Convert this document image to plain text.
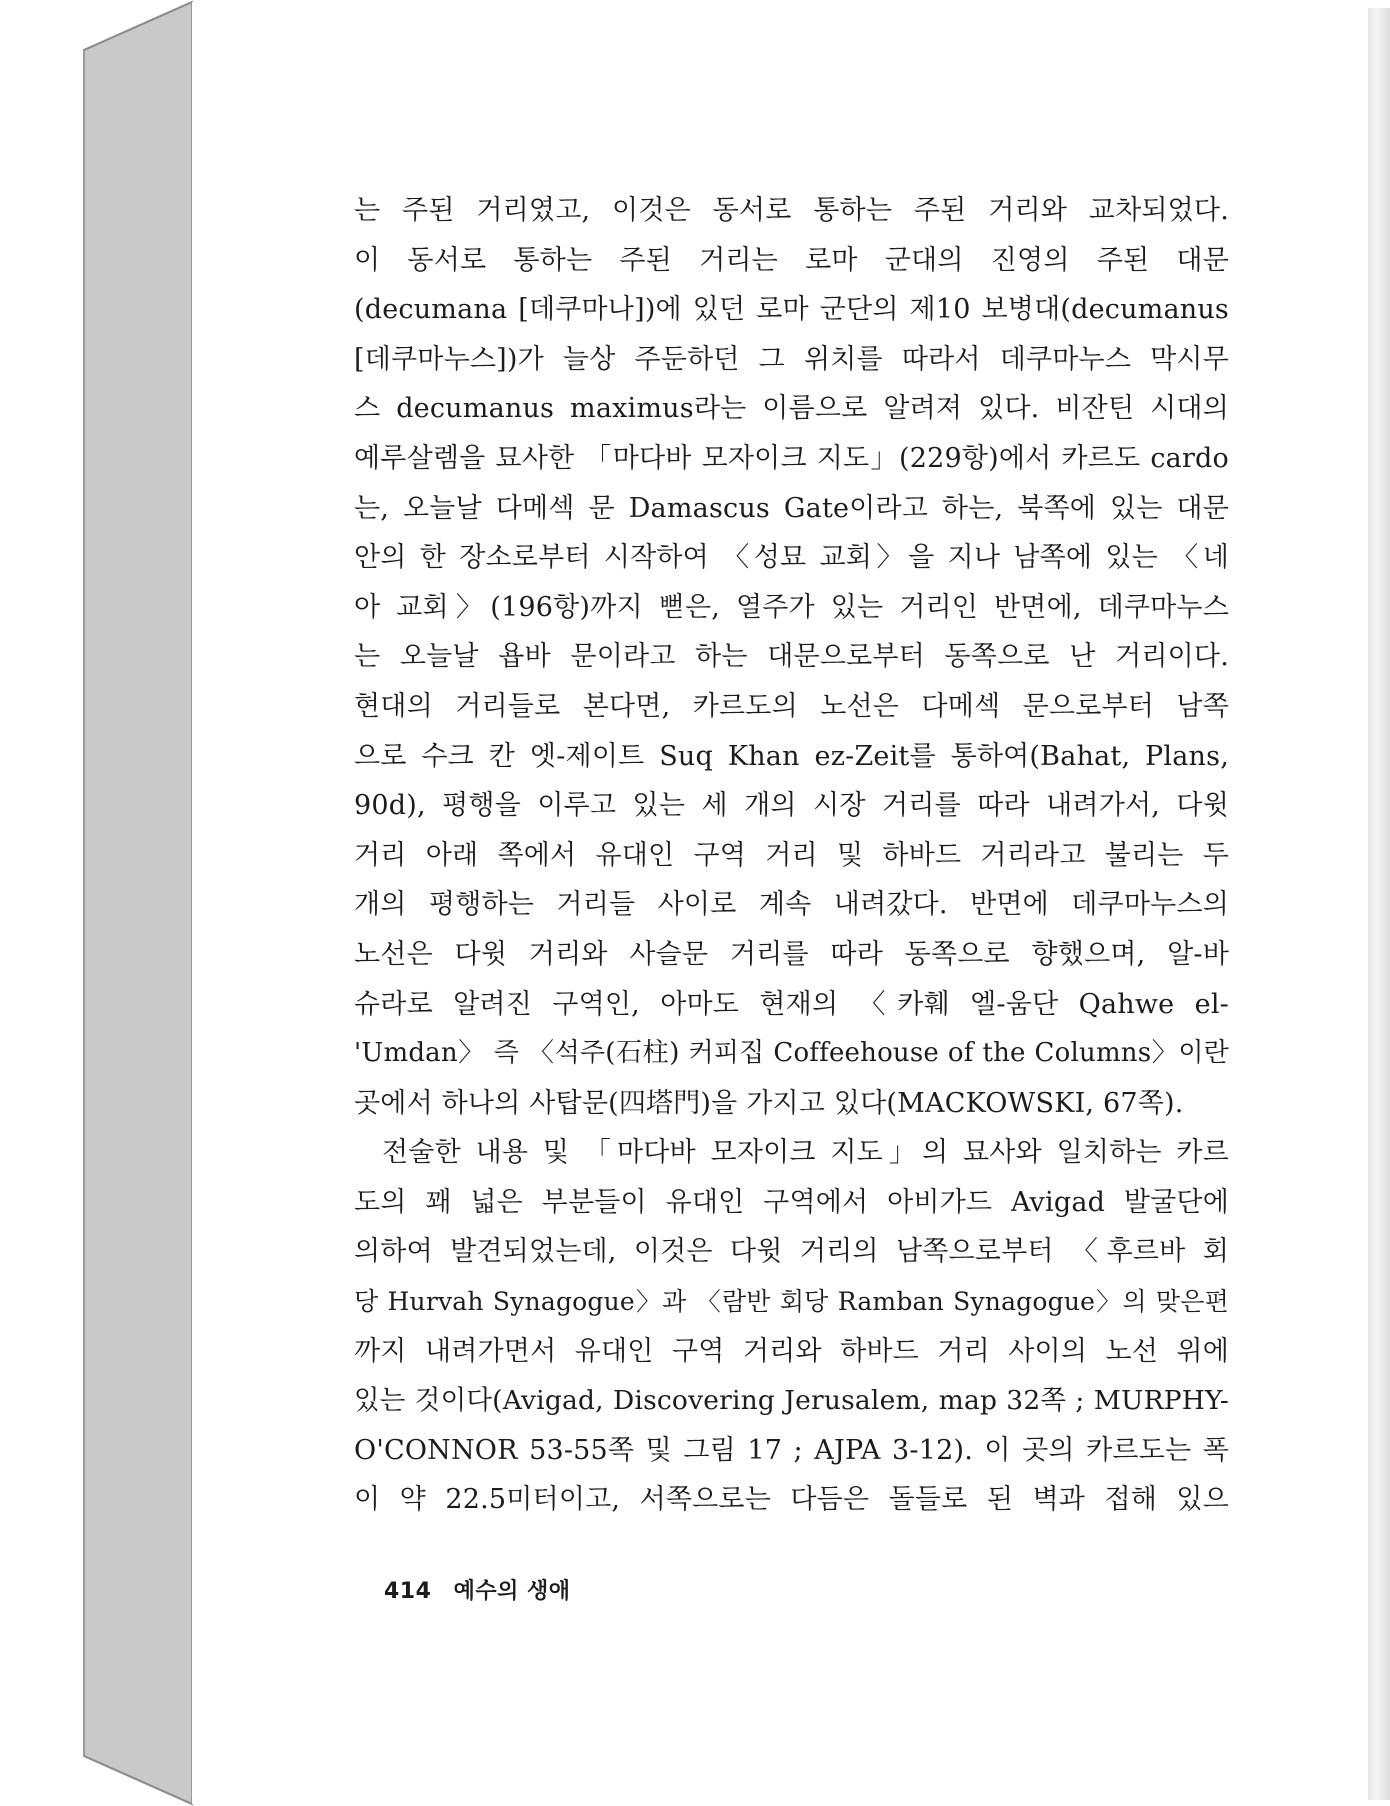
는 주된 거리였고, 이것은 동서로 통하는 주된 거리와 교차되었다.
이 동서로 통하는 주된 거리는 로마 군대의 진영의 주된 대문
(decumana [데쿠마나])에 있던 로마 군단의 제10 보병대(decumanus
[데쿠마누스])가 늘상 주둔하던 그 위치를 따라서 데쿠마누스 막시무
스 decumanus maximus라는 이름으로 알려져 있다. 비잔틴 시대의
예루살렘을 묘사한 「마다바 모자이크 지도」(229항)에서 카르도 cardo
는, 오늘날 다메섹 문 Damascus Gate이라고 하는, 북쪽에 있는 대문
안의 한 장소로부터 시작하여 〈성묘 교회〉을 지나 남쪽에 있는 〈네
아 교회〉(196항)까지 뻗은, 열주가 있는 거리인 반면에, 데쿠마누스
는 오늘날 욥바 문이라고 하는 대문으로부터 동쪽으로 난 거리이다.
현대의 거리들로 본다면, 카르도의 노선은 다메섹 문으로부터 남쪽
으로 수크 칸 엣-제이트 Suq Khan ez-Zeit를 통하여(Bahat, Plans,
90d), 평행을 이루고 있는 세 개의 시장 거리를 따라 내려가서, 다윗
거리 아래 쪽에서 유대인 구역 거리 및 하바드 거리라고 불리는 두
개의 평행하는 거리들 사이로 계속 내려갔다. 반면에 데쿠마누스의
노선은 다윗 거리와 사슬문 거리를 따라 동쪽으로 향했으며, 알-바
슈라로 알려진 구역인, 아마도 현재의 〈카훼 엘-움단 Qahwe el-
'Umdan〉 즉 〈석주(石柱) 커피집 Coffeehouse of the Columns〉이란
곳에서 하나의 사탑문(四塔門)을 가지고 있다(MACKOWSKI, 67쪽).
전술한 내용 및 「마다바 모자이크 지도」의 묘사와 일치하는 카르
도의 꽤 넓은 부분들이 유대인 구역에서 아비가드 Avigad 발굴단에
의하여 발견되었는데, 이것은 다윗 거리의 남쪽으로부터 〈후르바 회
당 Hurvah Synagogue〉과 〈람반 회당 Ramban Synagogue〉의 맞은편
까지 내려가면서 유대인 구역 거리와 하바드 거리 사이의 노선 위에
있는 것이다(Avigad, Discovering Jerusalem, map 32쪽 ; MURPHY-
O'CONNOR 53-55쪽 및 그림 17 ; AJPA 3-12). 이 곳의 카르도는 폭
이 약 22.5미터이고, 서쪽으로는 다듬은 돌들로 된 벽과 접해 있으
414 예수의 생애
